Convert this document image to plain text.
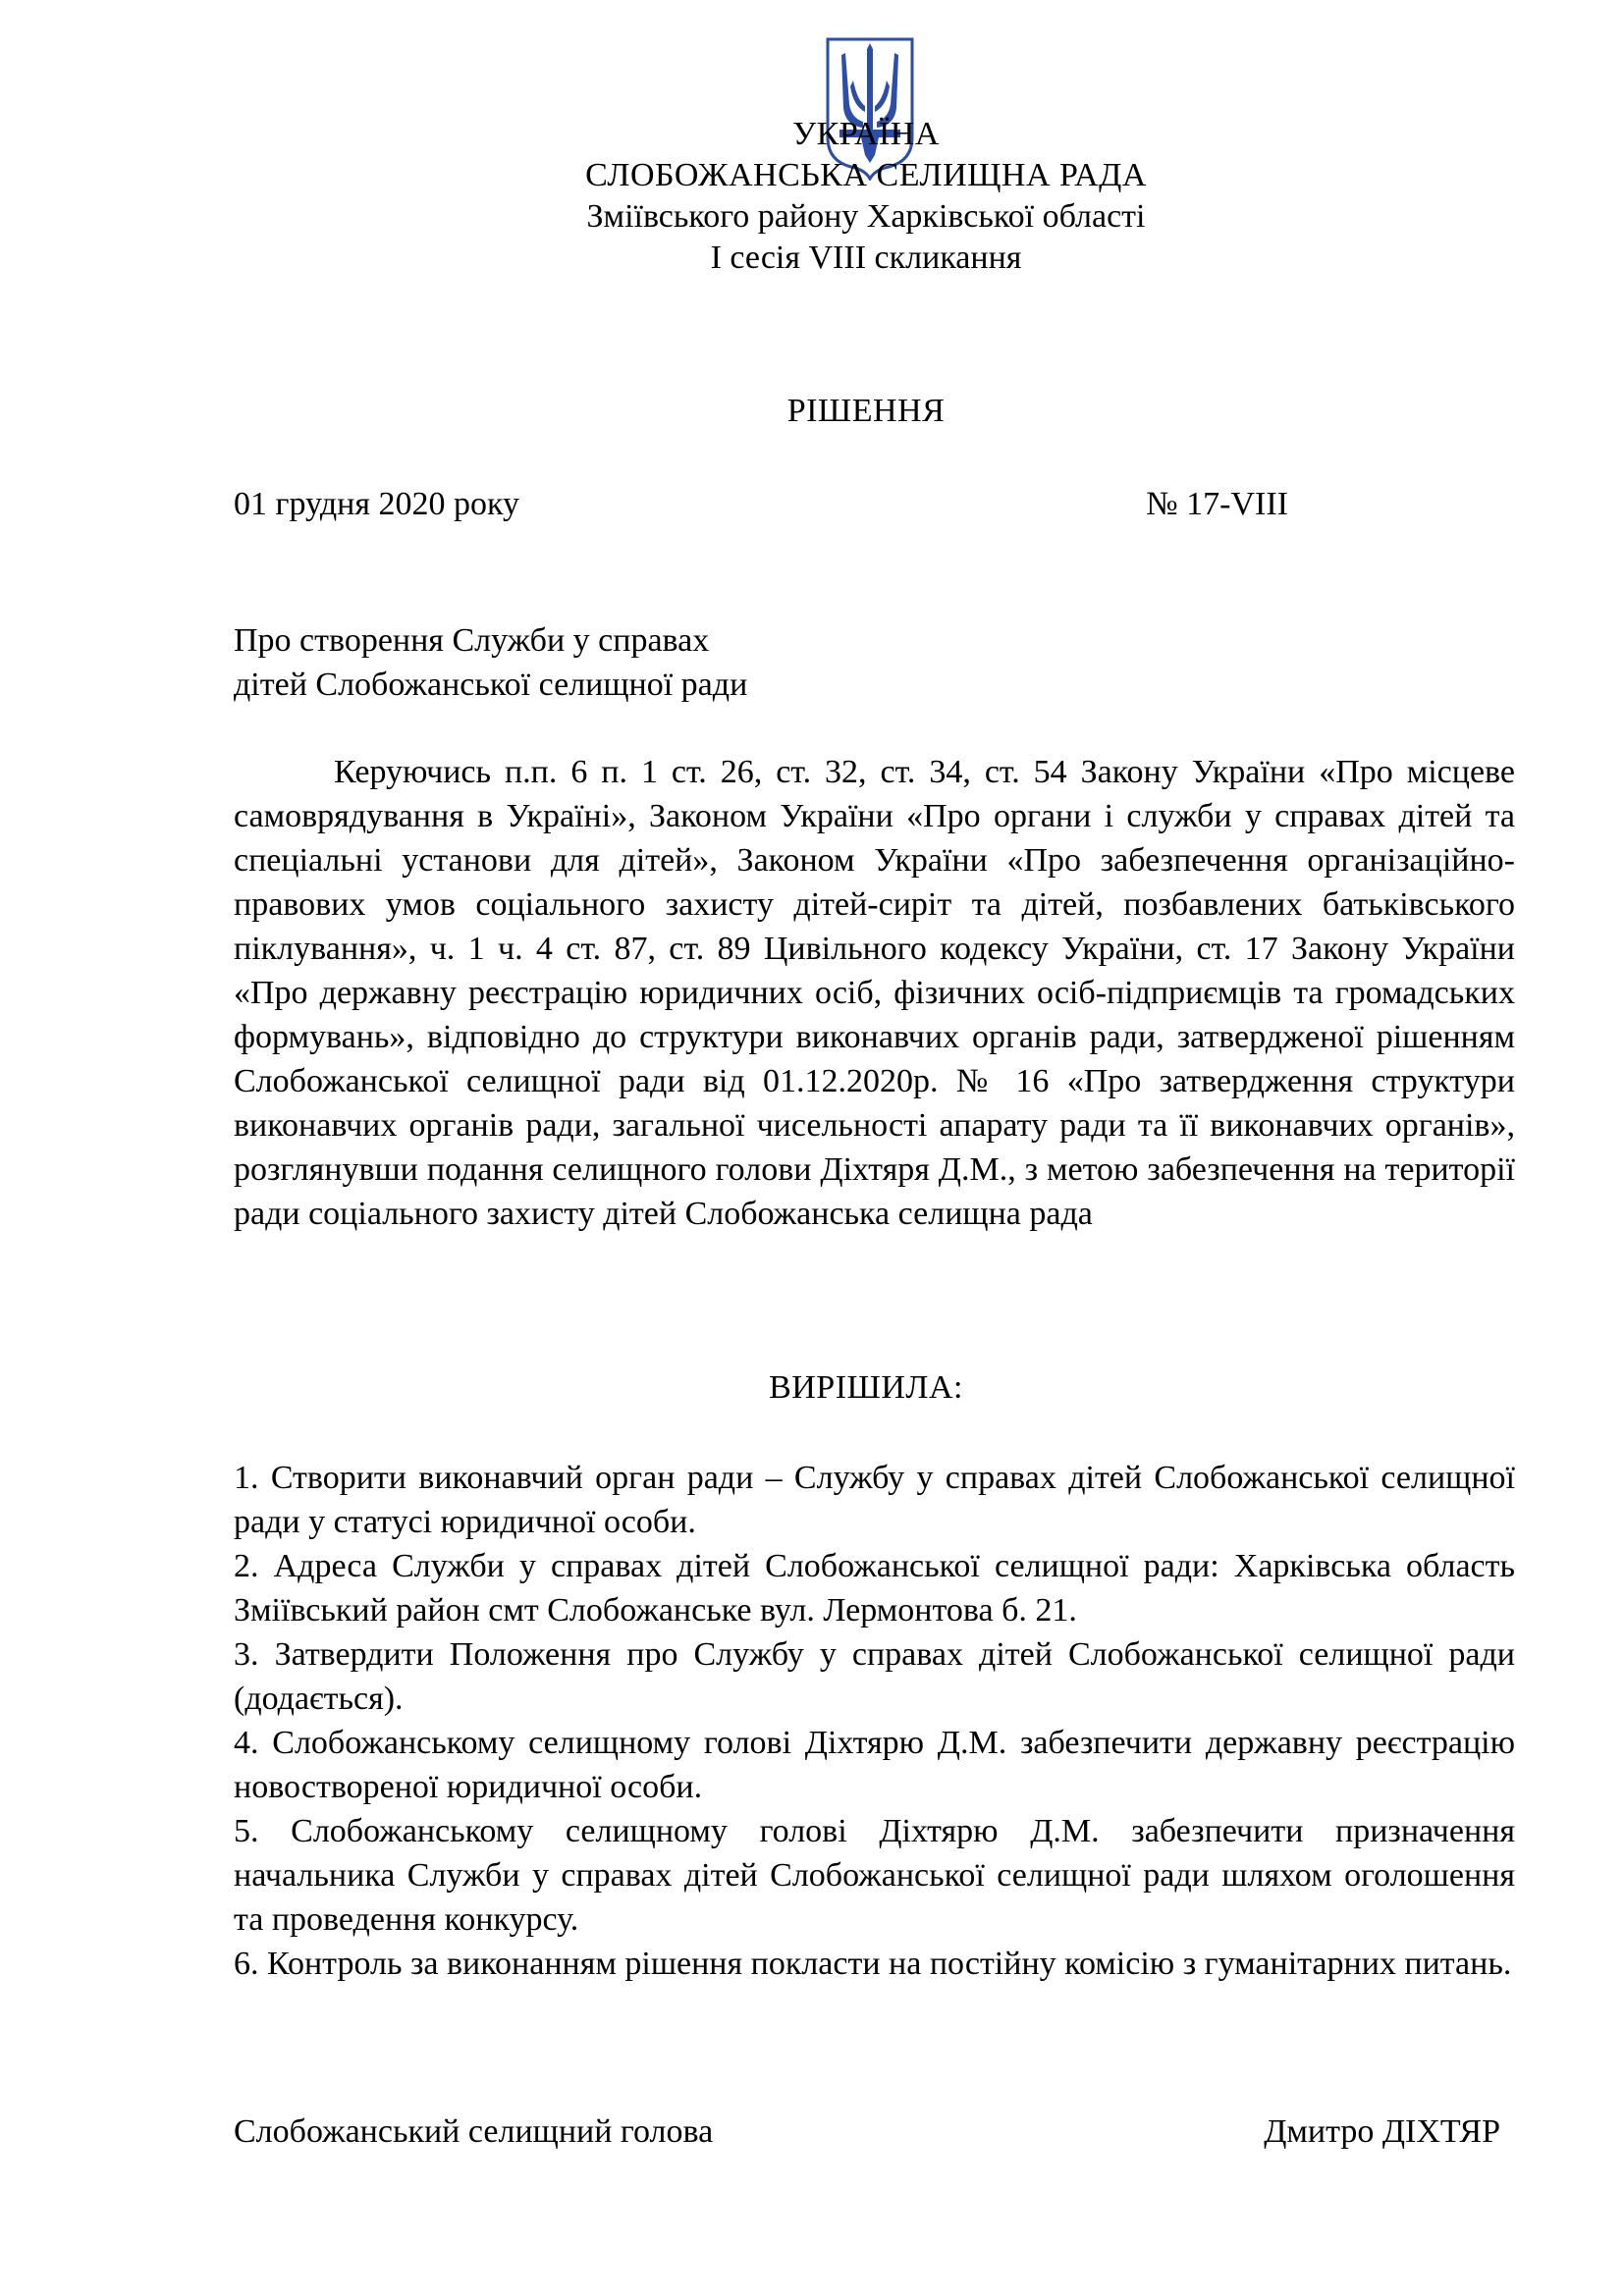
УКРАЇНА
СЛОБОЖАНСЬКА СЕЛИЩНА РАДА
Зміївського району Харківської області
І сесія VІІІ скликання
РІШЕННЯ
01 грудня 2020 року	№ 17-VІІІ
Про створення Служби у справах
дітей Слобожанської селищної ради

Керуючись п.п. 6 п. 1 ст. 26, ст. 32, ст. 34, ст. 54 Закону України «Про місцеве самоврядування в Україні», Законом України «Про органи і служби у справах дітей та спеціальні установи для дітей», Законом України «Про забезпечення організаційно-правових умов соціального захисту дітей-сиріт та дітей, позбавлених батьківського піклування», ч. 1 ч. 4 ст. 87, ст. 89 Цивільного кодексу України, ст. 17 Закону України «Про державну реєстрацію юридичних осіб, фізичних осіб-підприємців та громадських формувань», відповідно до структури виконавчих органів ради, затвердженої рішенням Слобожанської селищної ради від 01.12.2020р. № 16 «Про затвердження структури виконавчих органів ради, загальної чисельності апарату ради та її виконавчих органів», розглянувши подання селищного голови Діхтяря Д.М., з метою забезпечення на території ради соціального захисту дітей Слобожанська селищна рада

ВИРІШИЛА:

1. Створити виконавчий орган ради – Службу у справах дітей Слобожанської селищної ради у статусі юридичної особи.

2. Адреса Служби у справах дітей Слобожанської селищної ради: Харківська область Зміївський район смт Слобожанське вул. Лермонтова б. 21.

3. Затвердити Положення про Службу у справах дітей Слобожанської селищної ради (додається).

4. Слобожанському селищному голові Діхтярю Д.М. забезпечити державну реєстрацію новоствореної юридичної особи.

5. Слобожанському селищному голові Діхтярю Д.М. забезпечити призначення начальника Служби у справах дітей Слобожанської селищної ради шляхом оголошення та проведення конкурсу.

6. Контроль за виконанням рішення покласти на постійну комісію з гуманітарних питань.

Слобожанський селищний голова	Дмитро ДІХТЯР
